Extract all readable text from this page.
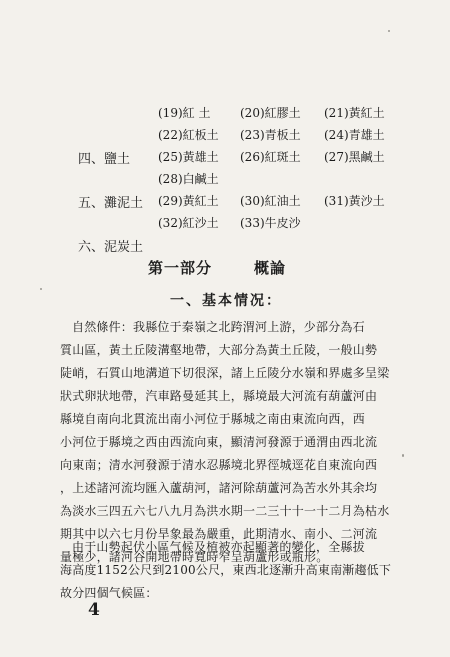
(19)紅 土 (20)紅膠土 (21)黃紅土
(22)紅板土 (23)青板土 (24)青雄土
四、鹽土 (25)黃雄土 (26)紅斑土 (27)黑鹹土
(28)白鹹土
五、灘泥土 (29)黃紅土 (30)紅油土 (31)黃沙土
(32)紅沙土 (33)牛皮沙
六、泥炭土
第一部分	概論
一、基本情况：
自然條件：我縣位于秦嶺之北跨渭河上游，少部分為石
質山區，黃土丘陵溝壑地帶，大部分為黃土丘陵，一般山勢
陡峭，石質山地溝道下切很深，諸上丘陵分水嶺和界處多呈梁
狀式卵狀地帶，汽車路曼延其上，縣境最大河流有葫蘆河由
縣境自南向北貫流出南小河位于縣城之南由東流向西，西
小河位于縣境之西由西流向東，顯清河發源于通渭由西北流
向東南；清水河發源于清水忍縣境北界徑城逕花自東流向西
，上述諸河流均匯入蘆葫河，諸河除葫蘆河為苦水外其余均
為淡水三四五六七八九月為洪水期一二三十十一十二月為枯水
期其中以六七月份旱象最為嚴重，此期清水、南小、二河流
量極少，諸河谷開地帶時寬時窄呈葫蘆形或瓶形。
由于山勢起伏小區气候及植被亦起顯著的變化，全縣拔
海高度1152公尺到2100公尺，東西北逐漸升高東南漸趨低下
故分四個气候區：
4
